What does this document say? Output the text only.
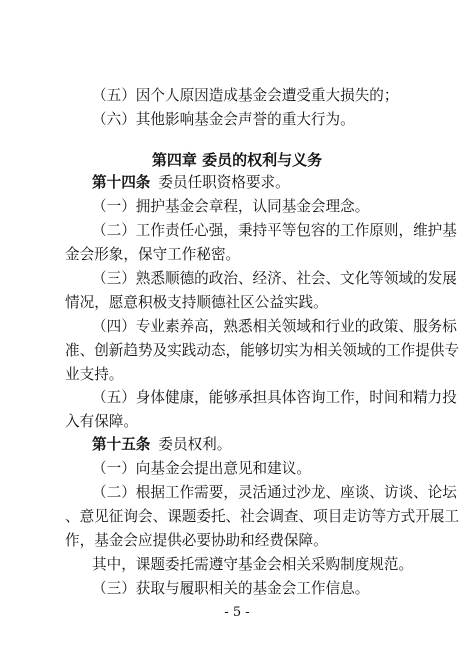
（五）因个人原因造成基金会遭受重大损失的；
（六）其他影响基金会声誉的重大行为。
第四章 委员的权利与义务
第十四条 委员任职资格要求。
（一）拥护基金会章程，认同基金会理念。
（二）工作责任心强，秉持平等包容的工作原则，维护基
金会形象，保守工作秘密。
（三）熟悉顺德的政治、经济、社会、文化等领域的发展
情况，愿意积极支持顺德社区公益实践。
（四）专业素养高，熟悉相关领域和行业的政策、服务标
准、创新趋势及实践动态，能够切实为相关领域的工作提供专
业支持。
（五）身体健康，能够承担具体咨询工作，时间和精力投
入有保障。
第十五条 委员权利。
（一）向基金会提出意见和建议。
（二）根据工作需要，灵活通过沙龙、座谈、访谈、论坛
、意见征询会、课题委托、社会调查、项目走访等方式开展工
作，基金会应提供必要协助和经费保障。
其中，课题委托需遵守基金会相关采购制度规范。
（三）获取与履职相关的基金会工作信息。
- 5 -
